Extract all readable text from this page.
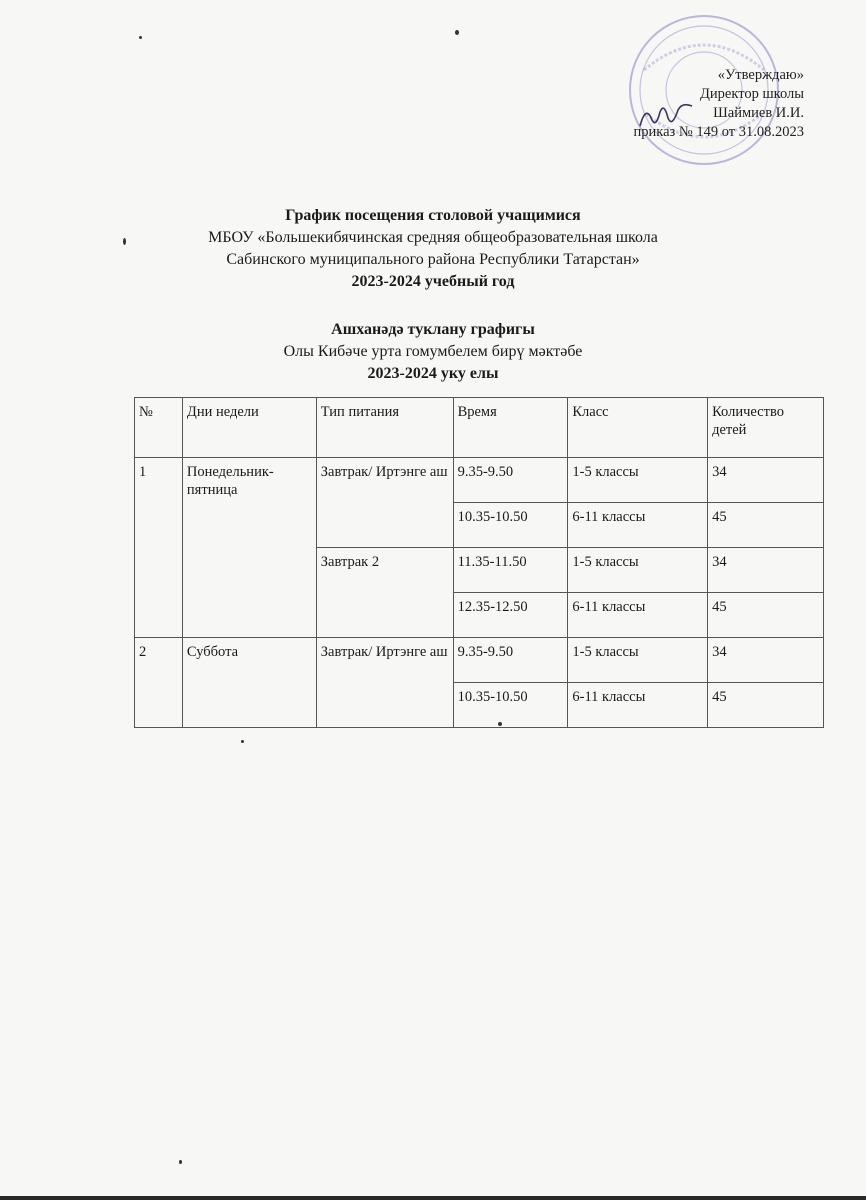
«Утверждаю»
Директор школы
Шаймиев И.И.
приказ № 149 от 31.08.2023
График посещения столовой учащимися
МБОУ «Большекибячинская средняя общеобразовательная школа
Сабинского муниципального района Республики Татарстан»
2023-2024 учебный год
Ашханәдә туклану графигы
Олы Кибәче урта гомумбелем бирү мәктәбе
2023-2024 уку елы
№	Дни недели	Тип питания	Время	Класс	Количество детей
1	Понедельник-пятница	Завтрак/ Иртэнге аш	9.35-9.50	1-5 классы	34
			10.35-10.50	6-11 классы	45
		Завтрак 2	11.35-11.50	1-5 классы	34
			12.35-12.50	6-11 классы	45
2	Суббота	Завтрак/ Иртэнге аш	9.35-9.50	1-5 классы	34
			10.35-10.50	6-11 классы	45
